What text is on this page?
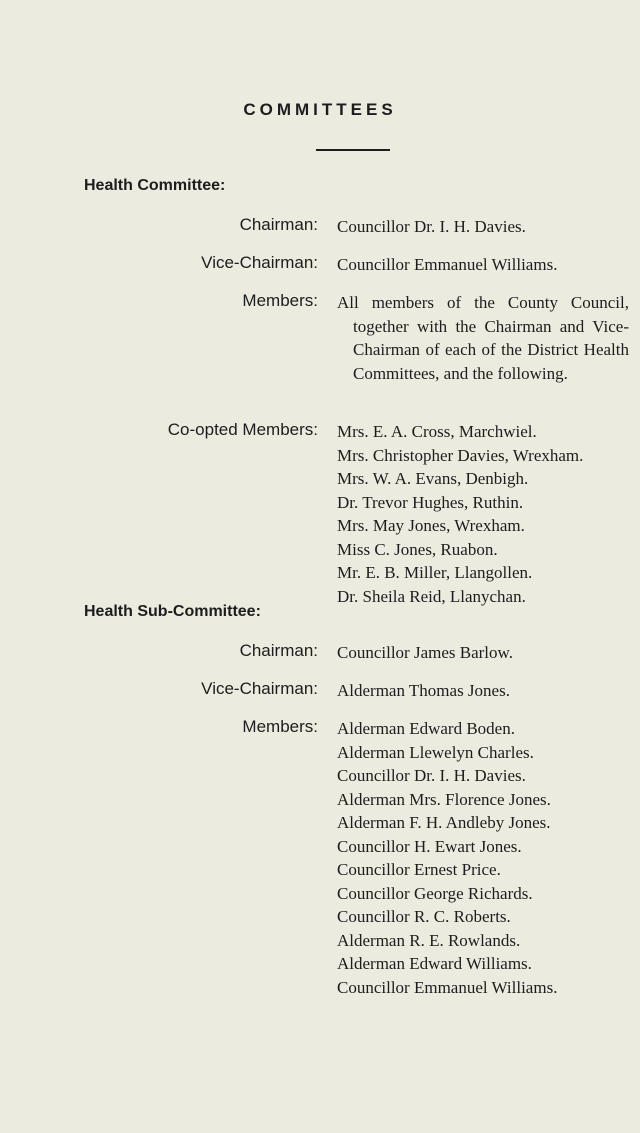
COMMITTEES
Health Committee:
Chairman: Councillor Dr. I. H. Davies.
Vice-Chairman: Councillor Emmanuel Williams.
Members: All members of the County Council, together with the Chairman and Vice-Chairman of each of the District Health Committees, and the following.
Co-opted Members: Mrs. E. A. Cross, Marchwiel.
Mrs. Christopher Davies, Wrexham.
Mrs. W. A. Evans, Denbigh.
Dr. Trevor Hughes, Ruthin.
Mrs. May Jones, Wrexham.
Miss C. Jones, Ruabon.
Mr. E. B. Miller, Llangollen.
Dr. Sheila Reid, Llanychan.
Health Sub-Committee:
Chairman: Councillor James Barlow.
Vice-Chairman: Alderman Thomas Jones.
Members: Alderman Edward Boden.
Alderman Llewelyn Charles.
Councillor Dr. I. H. Davies.
Alderman Mrs. Florence Jones.
Alderman F. H. Andleby Jones.
Councillor H. Ewart Jones.
Councillor Ernest Price.
Councillor George Richards.
Councillor R. C. Roberts.
Alderman R. E. Rowlands.
Alderman Edward Williams.
Councillor Emmanuel Williams.
